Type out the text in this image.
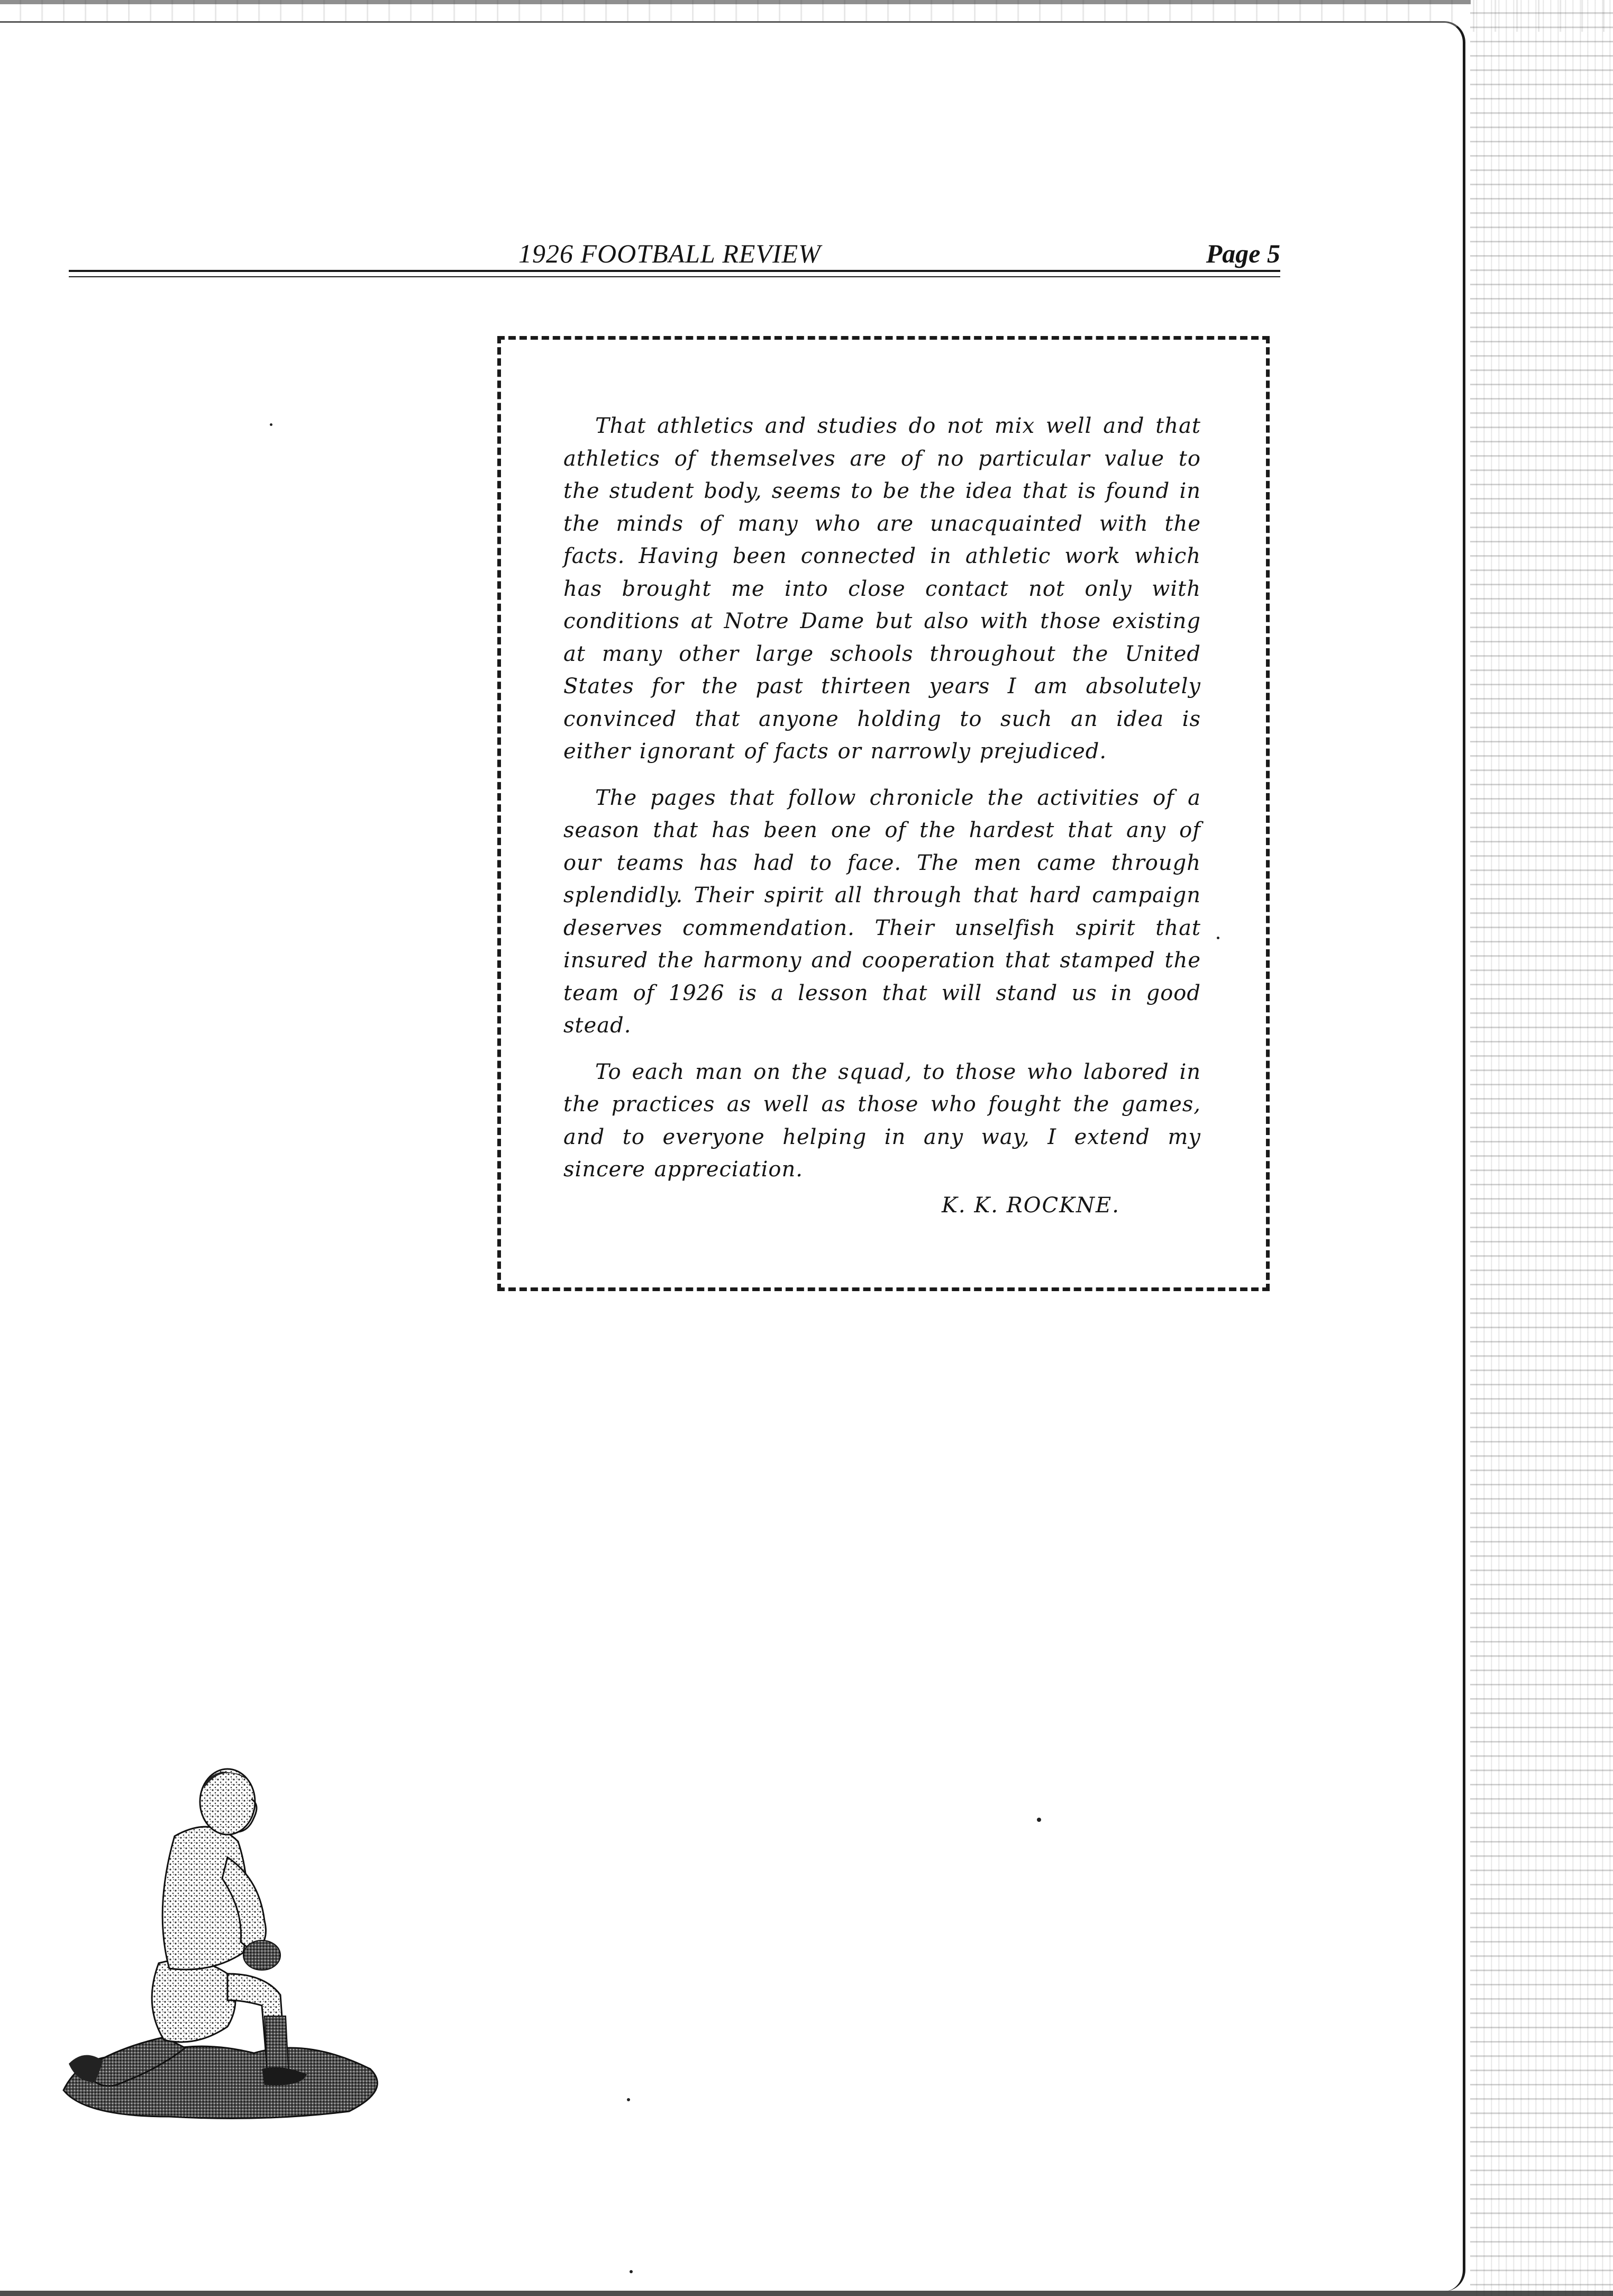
1926 FOOTBALL REVIEW	Page 5

That athletics and studies do not mix well and that athletics of themselves are of no particular value to the student body, seems to be the idea that is found in the minds of many who are unacquainted with the facts. Having been connected in athletic work which has brought me into close contact not only with conditions at Notre Dame but also with those existing at many other large schools throughout the United States for the past thirteen years I am absolutely convinced that anyone holding to such an idea is either ignorant of facts or narrowly prejudiced.

The pages that follow chronicle the activities of a season that has been one of the hardest that any of our teams has had to face. The men came through splendidly. Their spirit all through that hard campaign deserves commendation. Their unselfish spirit that insured the harmony and cooperation that stamped the team of 1926 is a lesson that will stand us in good stead.

To each man on the squad, to those who labored in the practices as well as those who fought the games, and to everyone helping in any way, I extend my sincere appreciation.

K. K. ROCKNE.
